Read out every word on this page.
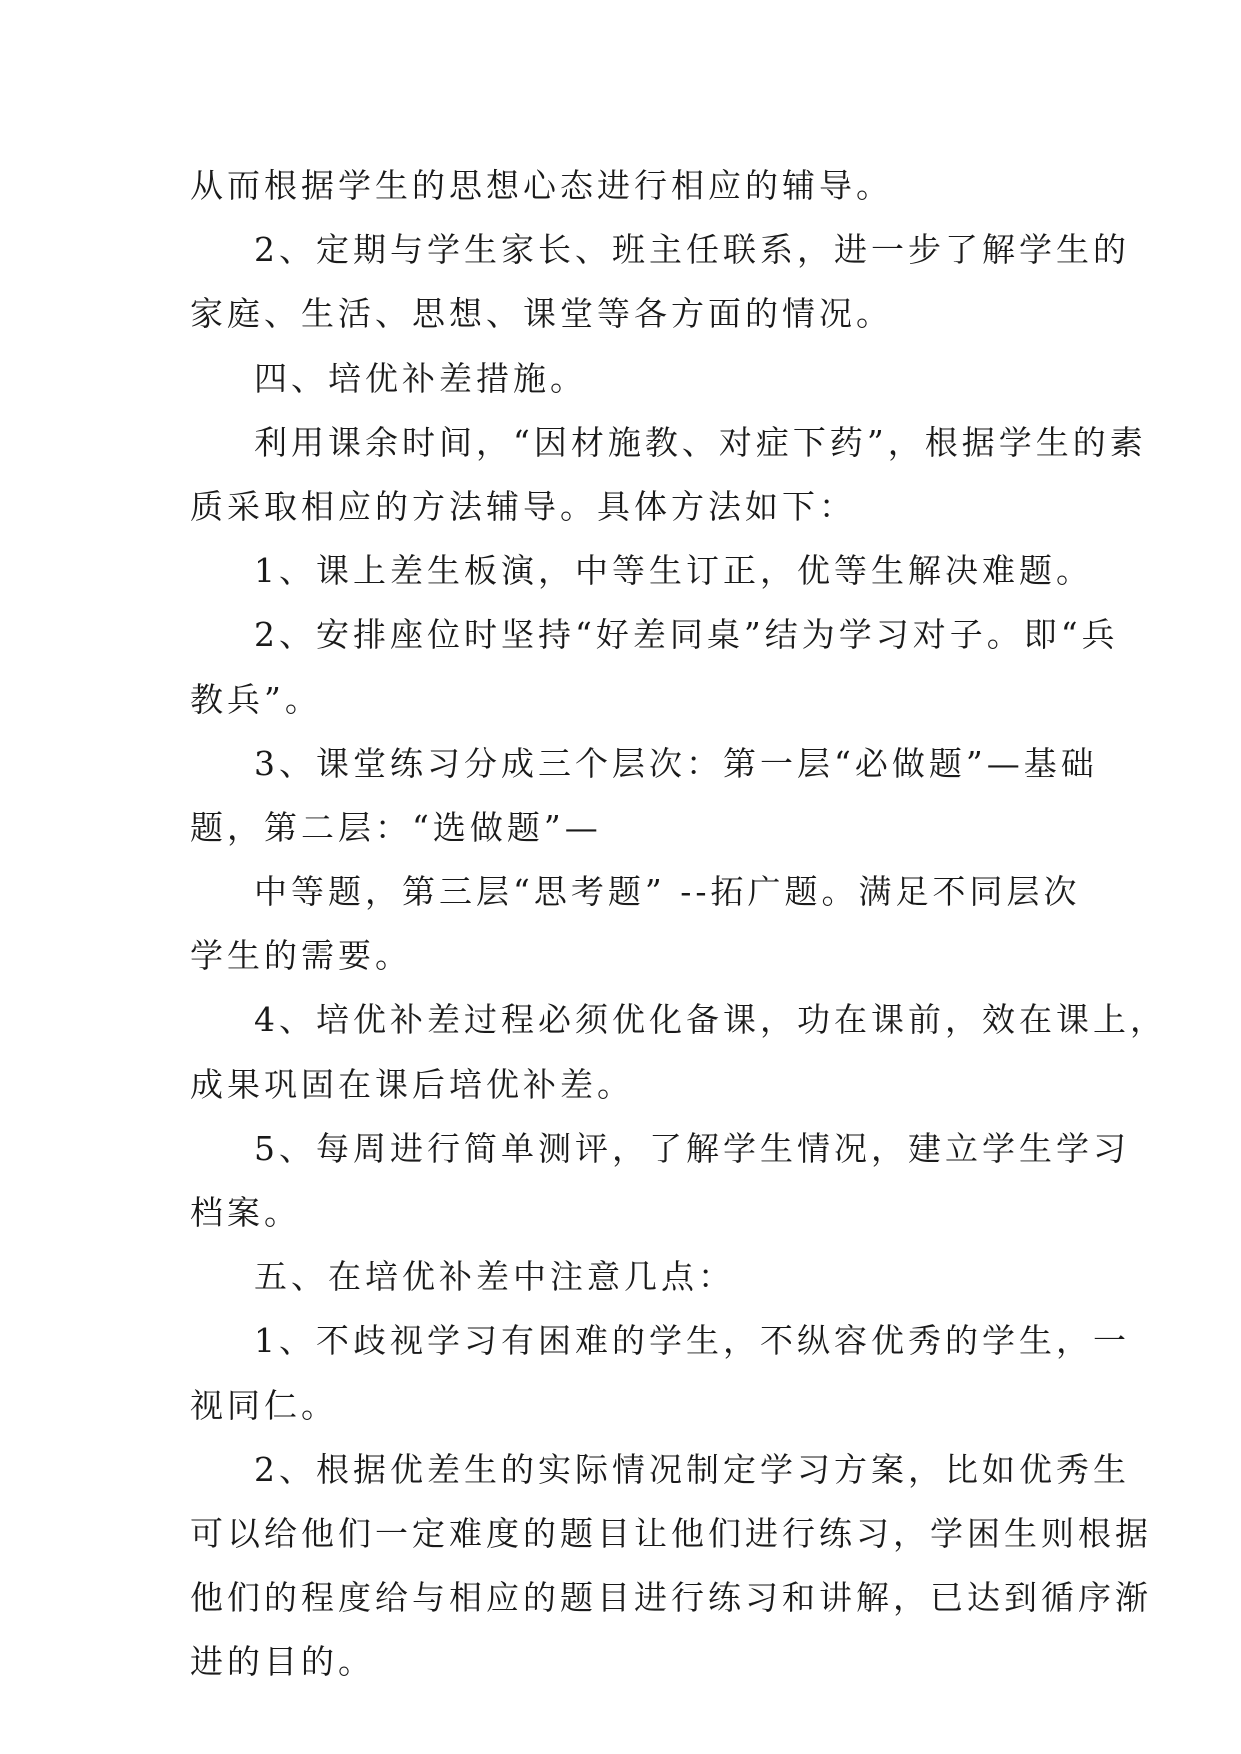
从而根据学生的思想心态进行相应的辅导。

2、定期与学生家长、班主任联系，进一步了解学生的

家庭、生活、思想、课堂等各方面的情况。

四、培优补差措施。

利用课余时间，“因材施教、对症下药”，根据学生的素

质采取相应的方法辅导。具体方法如下：

1、课上差生板演，中等生订正，优等生解决难题。

2、安排座位时坚持“好差同桌”结为学习对子。即“兵

教兵”。

3、课堂练习分成三个层次：第一层“必做题”—基础

题，第二层：“选做题”—

中等题，第三层“思考题” --拓广题。满足不同层次

学生的需要。

4、培优补差过程必须优化备课，功在课前，效在课上，

成果巩固在课后培优补差。

5、每周进行简单测评，了解学生情况，建立学生学习

档案。

五、在培优补差中注意几点：

1、不歧视学习有困难的学生，不纵容优秀的学生，一

视同仁。

2、根据优差生的实际情况制定学习方案，比如优秀生

可以给他们一定难度的题目让他们进行练习，学困生则根据

他们的程度给与相应的题目进行练习和讲解，已达到循序渐

进的目的。
